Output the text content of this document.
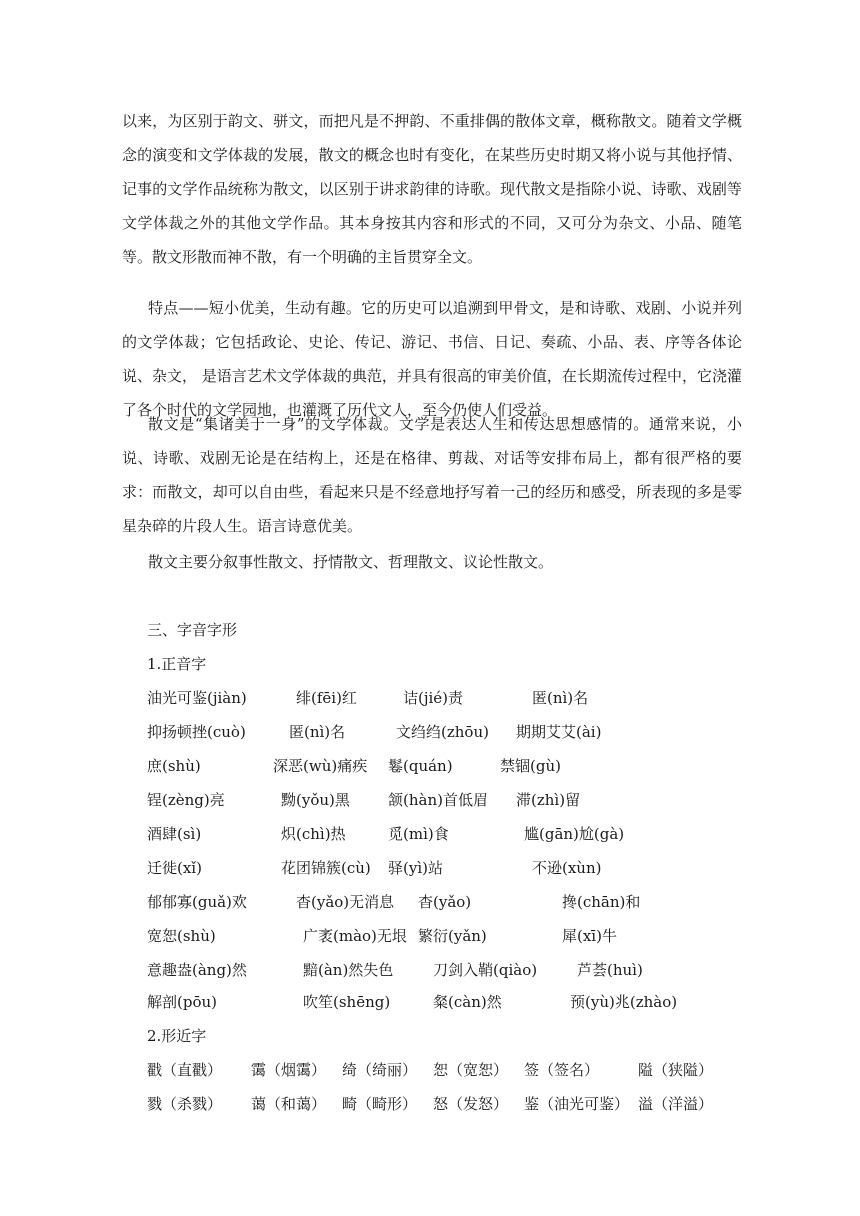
以来，为区别于韵文、骈文，而把凡是不押韵、不重排偶的散体文章，概称散文。随着文学概念的演变和文学体裁的发展，散文的概念也时有变化，在某些历史时期又将小说与其他抒情、记事的文学作品统称为散文，以区别于讲求韵律的诗歌。现代散文是指除小说、诗歌、戏剧等文学体裁之外的其他文学作品。其本身按其内容和形式的不同，又可分为杂文、小品、随笔等。散文形散而神不散，有一个明确的主旨贯穿全文。

特点——短小优美，生动有趣。它的历史可以追溯到甲骨文，是和诗歌、戏剧、小说并列的文学体裁；它包括政论、史论、传记、游记、书信、日记、奏疏、小品、表、序等各体论说、杂文， 是语言艺术文学体裁的典范，并具有很高的审美价值，在长期流传过程中，它浇灌了各个时代的文学园地，也灌溉了历代文人，至今仍使人们受益。

散文是“集诸美于一身”的文学体裁。文学是表达人生和传达思想感情的。通常来说，小说、诗歌、戏剧无论是在结构上，还是在格律、剪裁、对话等安排布局上，都有很严格的要求：而散文，却可以自由些，看起来只是不经意地抒写着一己的经历和感受，所表现的多是零星杂碎的片段人生。语言诗意优美。

散文主要分叙事性散文、抒情散文、哲理散文、议论性散文。

三、字音字形

1.正音字

油光可鉴(jiàn)	绯(fēi)红	诘(jié)责	匿(nì)名
抑扬顿挫(cuò)	匿(nì)名	文绉绉(zhōu) 期期艾艾(ài)
庶(shù)	深恶(wù)痛疾 鬈(quán)	禁锢(gù)
锃(zèng)亮	黝(yǒu)黑	颔(hàn)首低眉 滞(zhì)留
酒肆(sì)	炽(chì)热	觅(mì)食	尴(gān)尬(gà)
迁徙(xǐ)	花团锦簇(cù) 驿(yì)站	不逊(xùn)
郁郁寡(guǎ)欢	杳(yǎo)无消息 杳(yǎo)	搀(chān)和
宽恕(shù)	广袤(mào)无垠 繁衍(yǎn)	犀(xī)牛
意趣盎(àng)然	黯(àn)然失色	刀剑入鞘(qiào)	芦荟(huì)
解剖(pōu)	吹笙(shēng)	粲(càn)然	预(yù)兆(zhào)

2.形近字

戳（直戳） 霭（烟霭） 绮（绮丽） 恕（宽恕） 签（签名）	隘（狭隘）
戮（杀戮） 蔼（和蔼） 畸（畸形） 怒（发怒） 鉴（油光可鉴） 溢（洋溢）
